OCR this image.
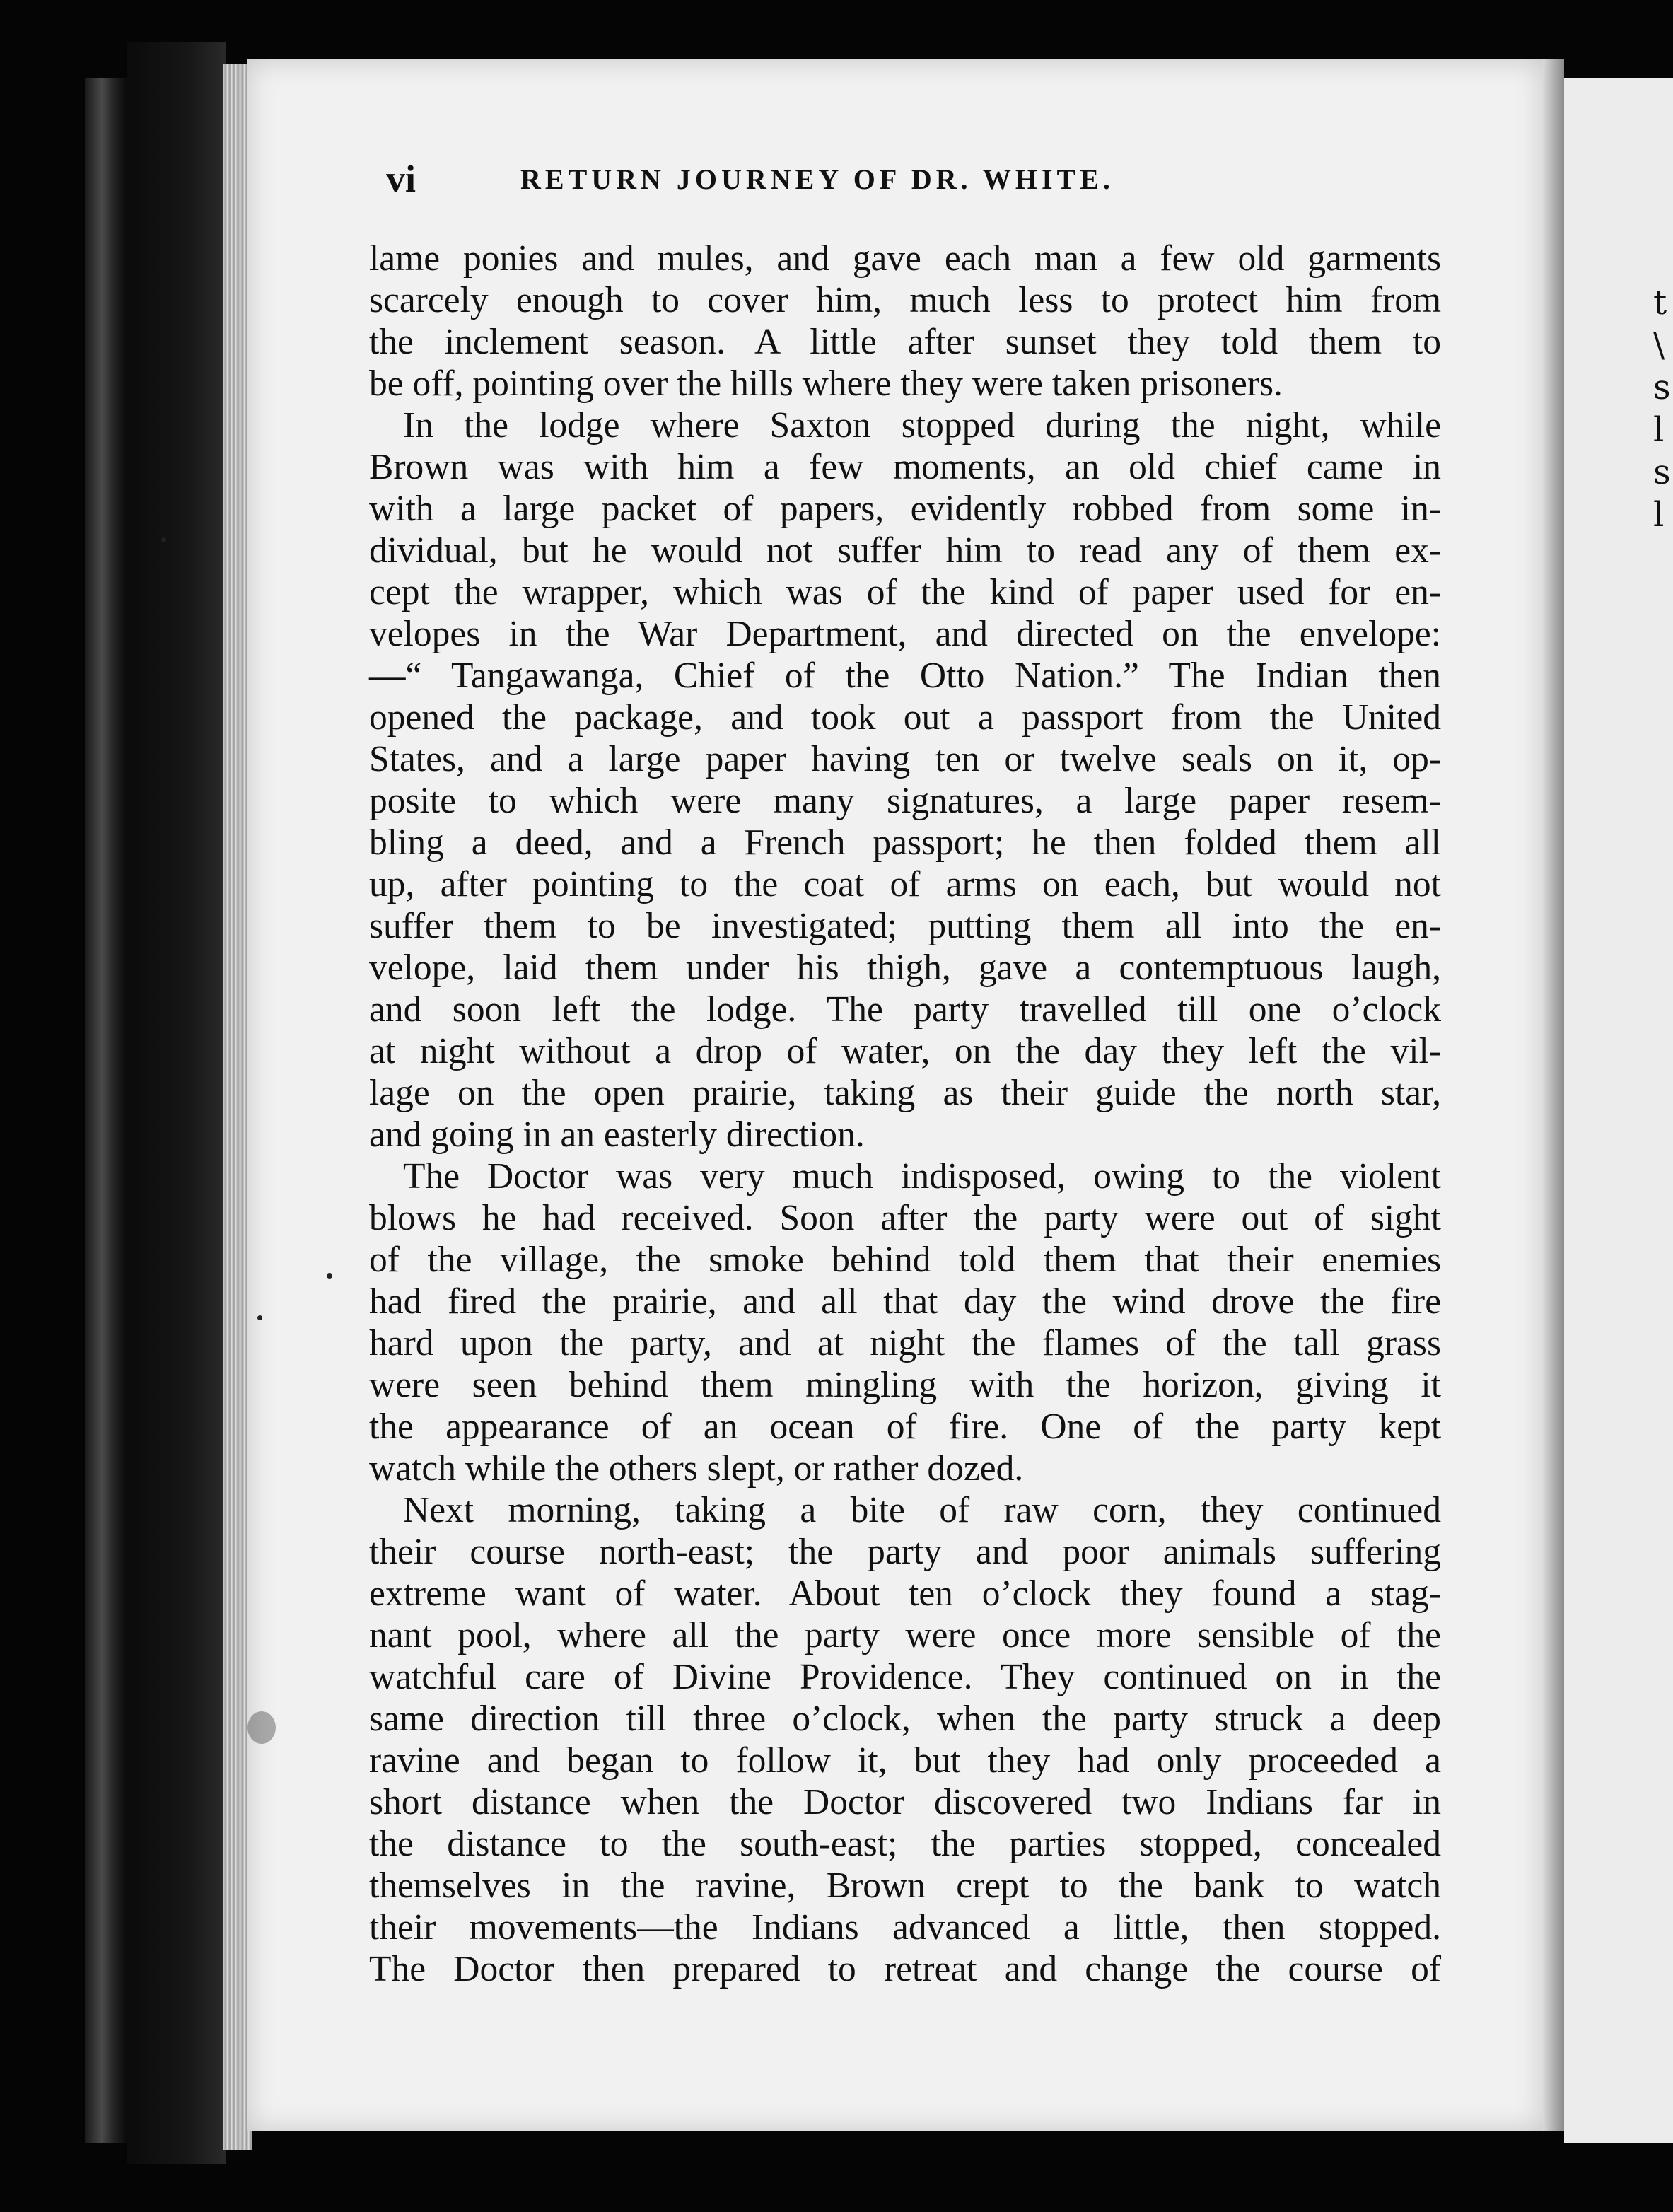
t
\
s
l
s
l
vi	RETURN JOURNEY OF DR. WHITE.
lame ponies and mules, and gave each man a few old garments
scarcely enough to cover him, much less to protect him from
the inclement season. A little after sunset they told them to
be off, pointing over the hills where they were taken prisoners.
In the lodge where Saxton stopped during the night, while
Brown was with him a few moments, an old chief came in
with a large packet of papers, evidently robbed from some in-
dividual, but he would not suffer him to read any of them ex-
cept the wrapper, which was of the kind of paper used for en-
velopes in the War Department, and directed on the envelope:
—“ Tangawanga, Chief of the Otto Nation.” The Indian then
opened the package, and took out a passport from the United
States, and a large paper having ten or twelve seals on it, op-
posite to which were many signatures, a large paper resem-
bling a deed, and a French passport; he then folded them all
up, after pointing to the coat of arms on each, but would not
suffer them to be investigated; putting them all into the en-
velope, laid them under his thigh, gave a contemptuous laugh,
and soon left the lodge. The party travelled till one o’clock
at night without a drop of water, on the day they left the vil-
lage on the open prairie, taking as their guide the north star,
and going in an easterly direction.
The Doctor was very much indisposed, owing to the violent
blows he had received. Soon after the party were out of sight
of the village, the smoke behind told them that their enemies
had fired the prairie, and all that day the wind drove the fire
hard upon the party, and at night the flames of the tall grass
were seen behind them mingling with the horizon, giving it
the appearance of an ocean of fire. One of the party kept
watch while the others slept, or rather dozed.
Next morning, taking a bite of raw corn, they continued
their course north-east; the party and poor animals suffering
extreme want of water. About ten o’clock they found a stag-
nant pool, where all the party were once more sensible of the
watchful care of Divine Providence. They continued on in the
same direction till three o’clock, when the party struck a deep
ravine and began to follow it, but they had only proceeded a
short distance when the Doctor discovered two Indians far in
the distance to the south-east; the parties stopped, concealed
themselves in the ravine, Brown crept to the bank to watch
their movements—the Indians advanced a little, then stopped.
The Doctor then prepared to retreat and change the course of
